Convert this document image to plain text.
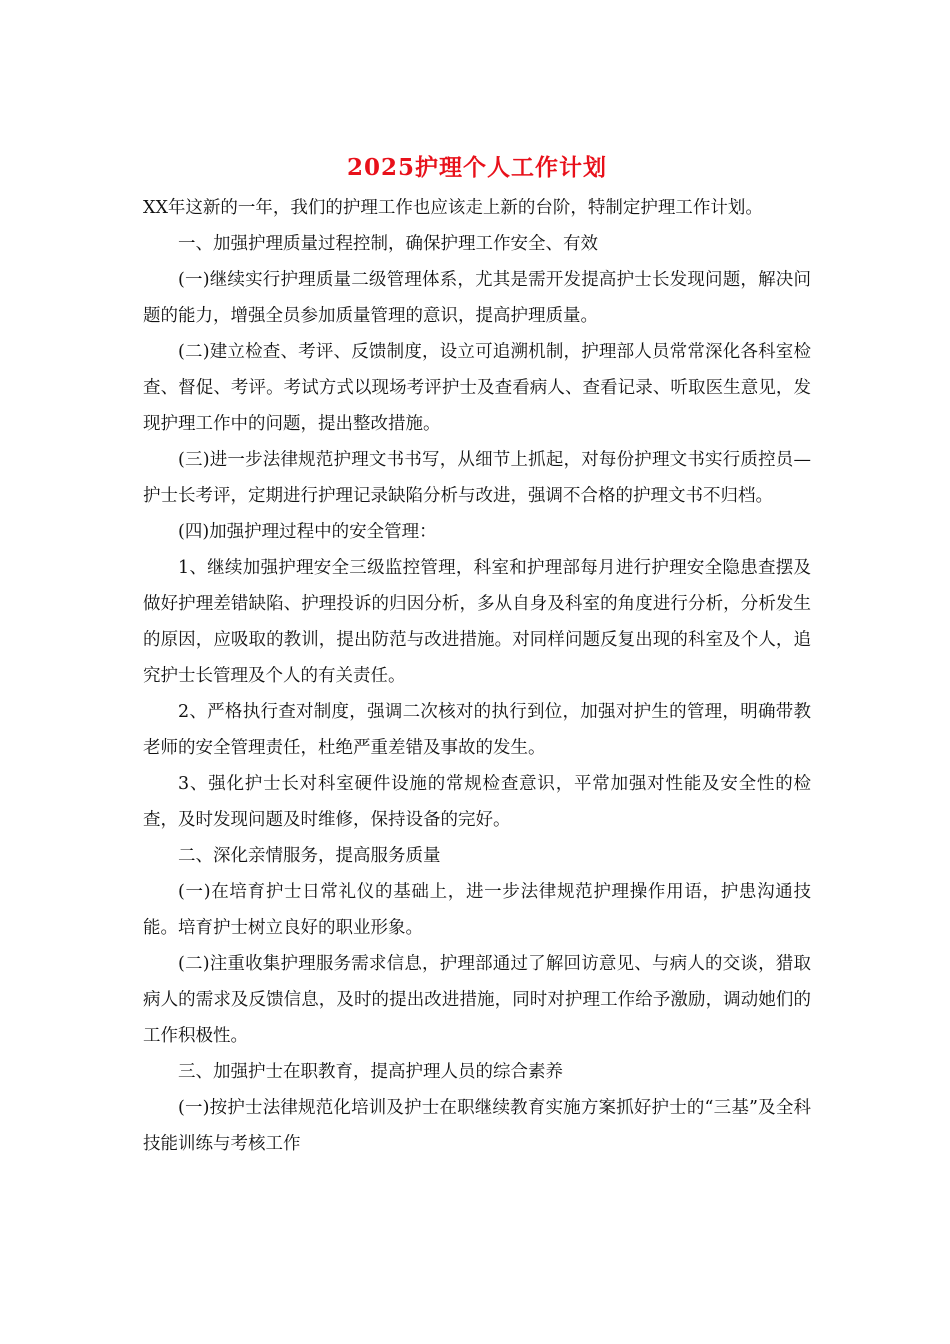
2025护理个人工作计划

XX年这新的一年，我们的护理工作也应该走上新的台阶，特制定护理工作计划。

一、加强护理质量过程控制，确保护理工作安全、有效

(一)继续实行护理质量二级管理体系，尤其是需开发提高护士长发现问题，解决问题的能力，增强全员参加质量管理的意识，提高护理质量。

(二)建立检查、考评、反馈制度，设立可追溯机制，护理部人员常常深化各科室检查、督促、考评。考试方式以现场考评护士及查看病人、查看记录、听取医生意见，发现护理工作中的问题，提出整改措施。

(三)进一步法律规范护理文书书写，从细节上抓起，对每份护理文书实行质控员—护士长考评，定期进行护理记录缺陷分析与改进，强调不合格的护理文书不归档。

(四)加强护理过程中的安全管理：

1、继续加强护理安全三级监控管理，科室和护理部每月进行护理安全隐患查摆及做好护理差错缺陷、护理投诉的归因分析，多从自身及科室的角度进行分析，分析发生的原因，应吸取的教训，提出防范与改进措施。对同样问题反复出现的科室及个人，追究护士长管理及个人的有关责任。

2、严格执行查对制度，强调二次核对的执行到位，加强对护生的管理，明确带教老师的安全管理责任，杜绝严重差错及事故的发生。

3、强化护士长对科室硬件设施的常规检查意识，平常加强对性能及安全性的检查，及时发现问题及时维修，保持设备的完好。

二、深化亲情服务，提高服务质量

(一)在培育护士日常礼仪的基础上，进一步法律规范护理操作用语，护患沟通技能。培育护士树立良好的职业形象。

(二)注重收集护理服务需求信息，护理部通过了解回访意见、与病人的交谈，猎取病人的需求及反馈信息，及时的提出改进措施，同时对护理工作给予激励，调动她们的工作积极性。

三、加强护士在职教育，提高护理人员的综合素养

(一)按护士法律规范化培训及护士在职继续教育实施方案抓好护士的“三基”及全科技能训练与考核工作
